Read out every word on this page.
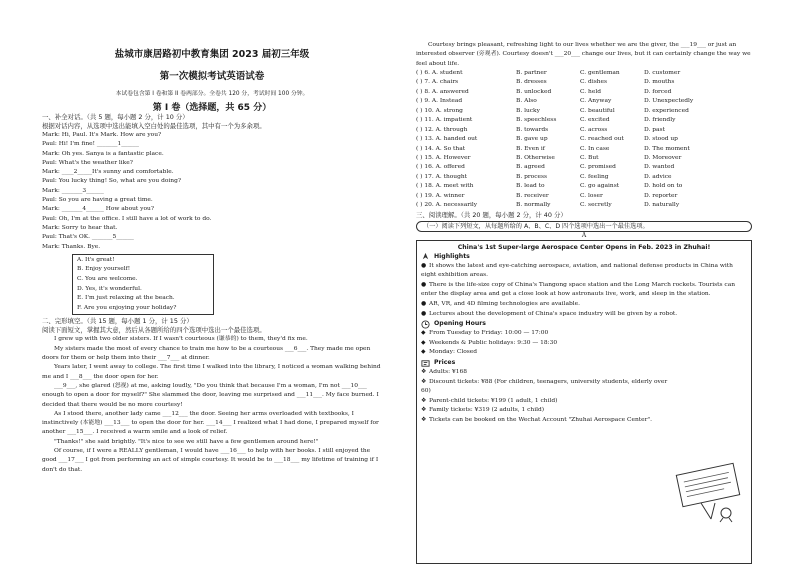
盐城市康居路初中教育集团 2023 届初三年级
第一次模拟考试英语试卷
本试卷包含第 I 卷和第 II 卷两部分。全卷共 120 分，考试时间 100 分钟。
第 I 卷（选择题，共 65 分）
一、补全对话。（共 5 题，每小题 2 分，计 10 分）
根据对话内容，从选项中选出能填入空白处的最佳选项，其中有一个为多余项。
Mark: Hi, Paul. It's Mark. How are you?
Paul: Hi! I'm fine! _______1______
Mark: Oh yes. Sanya is a fantastic place.
Paul: What's the weather like?
Mark: ____2_____It's sunny and comfortable.
Paul: You lucky thing! So, what are you doing?
Mark: _______3______
Paul: So you are having a great time.
Mark: _______4______ How about you?
Paul: Oh, I'm at the office. I still have a lot of work to do.
Mark: Sorry to hear that.
Paul: That's OK. _______5______
Mark: Thanks. Bye.
A. It's great!
B. Enjoy yourself!
C. You are welcome.
D. Yes, it's wonderful.
E. I'm just relaxing at the beach.
F. Are you enjoying your holiday?
二、完形填空。（共 15 题，每小题 1 分，计 15 分）
阅读下面短文，掌握其大意，然后从各题所给的四个选项中选出一个最佳选项。

I grew up with two older sisters. If I wasn't courteous (谦恭的) to them, they'd fix me.

My sisters made the most of every chance to train me how to be a courteous ___6___. They made me open doors for them or help them into their ___7___ at dinner.

Years later, I went away to college. The first time I walked into the library, I noticed a woman walking behind me and I ___8___ the door open for her.

___9___, she glared (怒视) at me, asking loudly, "Do you think that because I'm a woman, I'm not ___10___ enough to open a door for myself?" She slammed the door, leaving me surprised and ___11___. My face burned. I decided that there would be no more courtesy!

As I stood there, another lady came ___12___ the door. Seeing her arms overloaded with textbooks, I instinctively (本能地) ___13___ to open the door for her. ___14___ I realized what I had done, I prepared myself for another ___15___. I received a warm smile and a look of relief.

"Thanks!" she said brightly. "It's nice to see we still have a few gentlemen around here!"

Of course, if I were a REALLY gentleman, I would have ___16___ to help with her books. I still enjoyed the good ___17___ I got from performing an act of simple courtesy. It would be to ___18___ my lifetime of training if I don't do that.

Courtesy brings pleasant, refreshing light to our lives whether we are the giver, the ___19___ or just an interested observer (旁观者). Courtesy doesn't ___20___ change our lives, but it can certainly change the way we feel about life.

( ) 6. A. student	B. partner	C. gentleman	D. customer
( ) 7. A. chairs	B. dresses	C. dishes	D. mouths
( ) 8. A. answered	B. unlocked	C. held	D. forced
( ) 9. A. Instead	B. Also	C. Anyway	D. Unexpectedly
( ) 10. A. strong	B. lucky	C. beautiful	D. experienced
( ) 11. A. impatient	B. speechless	C. excited	D. friendly
( ) 12. A. through	B. towards	C. across	D. past
( ) 13. A. handed out	B. gave up	C. reached out	D. stood up
( ) 14. A. So that	B. Even if	C. In case	D. The moment
( ) 15. A. However	B. Otherwise	C. But	D. Moreover
( ) 16. A. offered	B. agreed	C. promised	D. wanted
( ) 17. A. thought	B. process	C. feeling	D. advice
( ) 18. A. meet with	B. lead to	C. go against	D. hold on to
( ) 19. A. winner	B. receiver	C. loser	D. reporter
( ) 20. A. necessarily	B. normally	C. secretly	D. naturally
三、阅读理解。（共 20 题，每小题 2 分，计 40 分）
（一）阅读下列短文，从每题所给的 A、B、C、D 四个选项中选出一个最佳选项。
A
China's 1st Super-large Aerospace Center Opens in Feb. 2023 in Zhuhai!
Highlights
● It shows the latest and eye-catching aerospace, aviation, and national defense products in China with eight exhibition areas.
● There is the life-size copy of China's Tiangong space station and the Long March rockets. Tourists can enter the display area and get a close look at how astronauts live, work, and sleep in the station.
● AR, VR, and 4D filming technologies are available.
● Lectures about the development of China's space industry will be given by a robot.
Opening Hours
◆ From Tuesday to Friday: 10:00 — 17:00
◆ Weekends & Public holidays: 9:30 — 18:30
◆ Monday: Closed
Prices
❖ Adults: ¥168
❖ Discount tickets: ¥88 (For children, teenagers, university students, elderly over 60)
❖ Parent-child tickets: ¥199 (1 adult, 1 child)
❖ Family tickets: ¥319 (2 adults, 1 child)
❖ Tickets can be booked on the Wechat Account "Zhuhai Aerospace Center".
